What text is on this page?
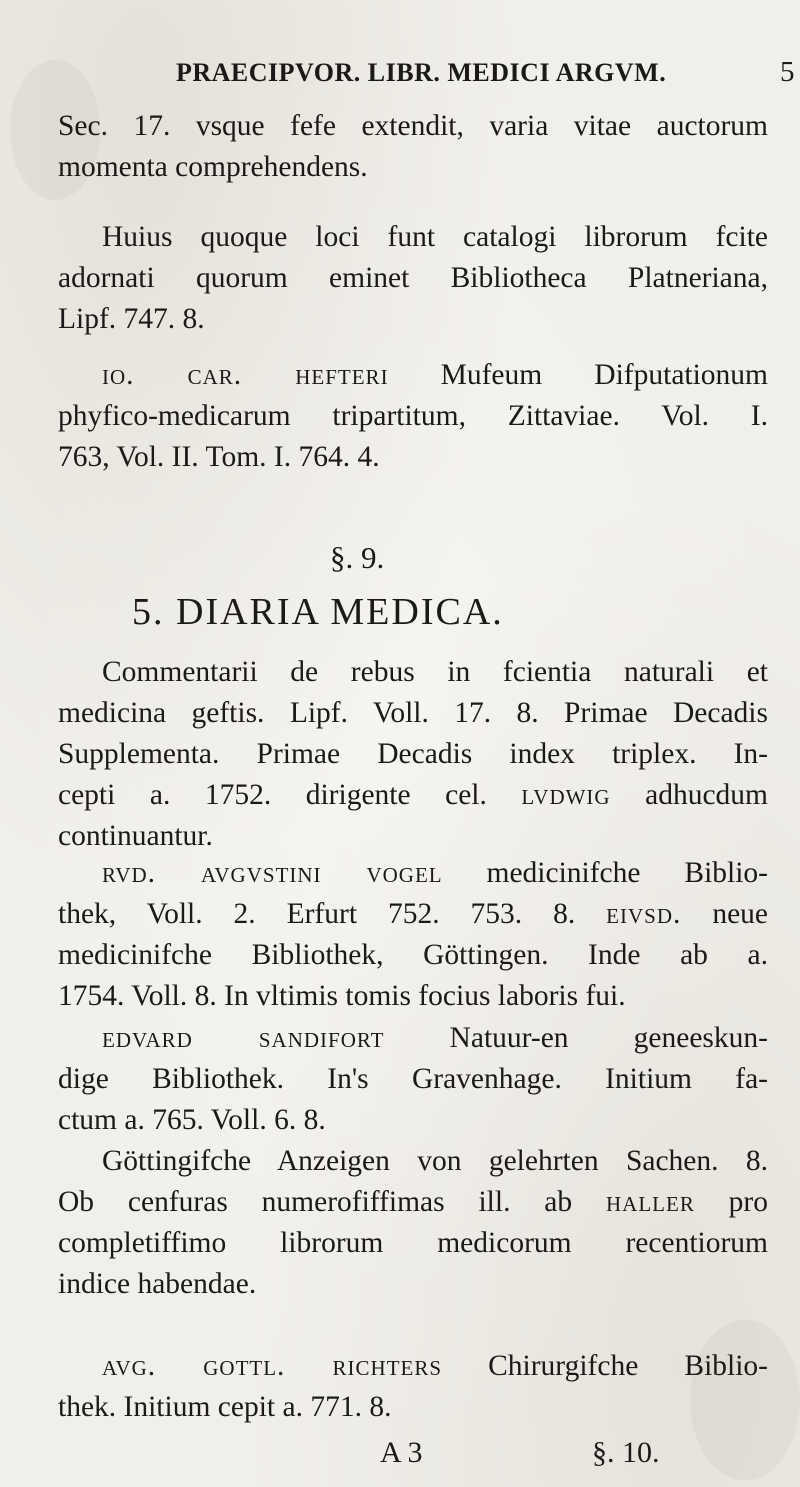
PRAECIPVOR. LIBR. MEDICI ARGVM.	5
Sec. 17. vsque fefe extendit, varia vitae auctorum
momenta comprehendens.
Huius quoque loci funt catalogi librorum fcite
adornati quorum eminet Bibliotheca Platneriana,
Lipf. 747. 8.
io. car. hefteri Mufeum Difputationum
phyfico-medicarum tripartitum, Zittaviae. Vol. I.
763, Vol. II. Tom. I. 764. 4.
§. 9.
5. DIARIA MEDICA.
Commentarii de rebus in fcientia naturali et
medicina geftis. Lipf. Voll. 17. 8. Primae Decadis
Supplementa. Primae Decadis index triplex. In-
cepti a. 1752. dirigente cel. lvdwig adhucdum
continuantur.
rvd. avgvstini vogel medicinifche Biblio-
thek, Voll. 2. Erfurt 752. 753. 8. eivsd. neue
medicinifche Bibliothek, Göttingen. Inde ab a.
1754. Voll. 8. In vltimis tomis focius laboris fui.
edvard sandifort Natuur-en geneeskun-
dige Bibliothek. In's Gravenhage. Initium fa-
ctum a. 765. Voll. 6. 8.
Göttingifche Anzeigen von gelehrten Sachen. 8.
Ob cenfuras numerofiffimas ill. ab haller pro
completiffimo librorum medicorum recentiorum
indice habendae.
avg. gottl. richters Chirurgifche Biblio-
thek. Initium cepit a. 771. 8.
A 3	§. 10.
